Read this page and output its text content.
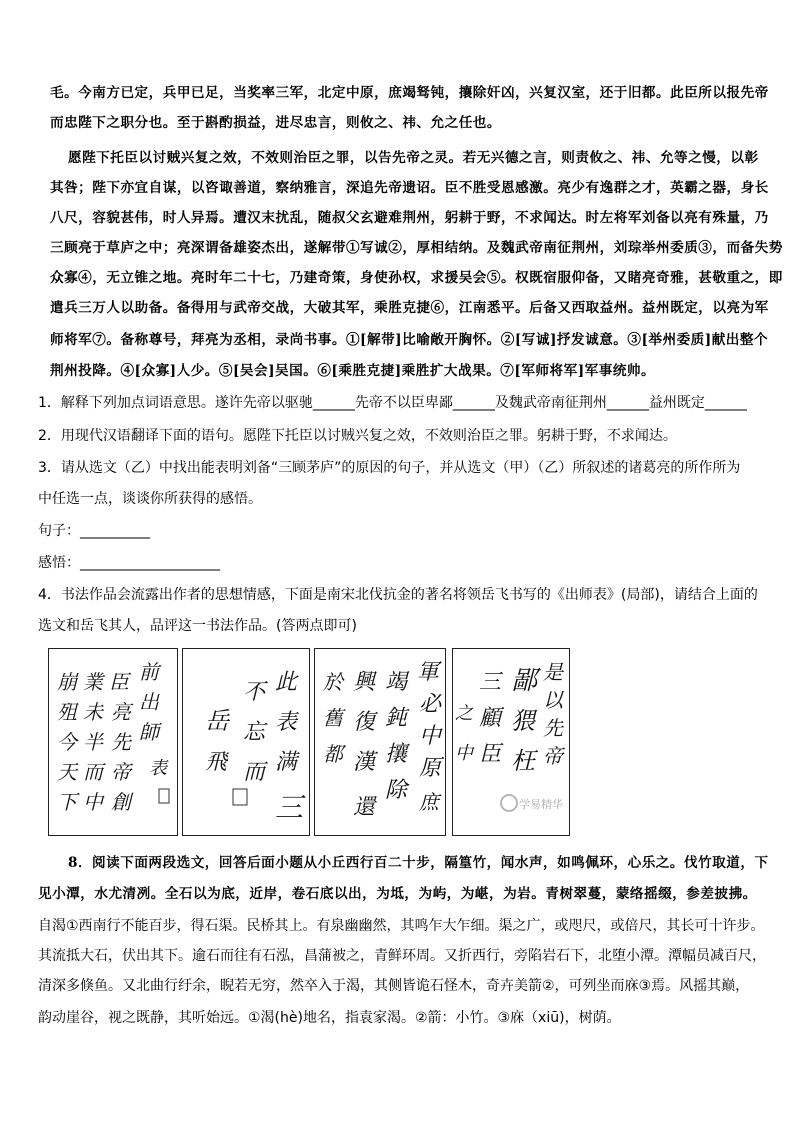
毛。今南方已定，兵甲已足，当奖率三军，北定中原，庶竭驽钝，攘除奸凶，兴复汉室，还于旧都。此臣所以报先帝
而忠陛下之职分也。至于斟酌损益，进尽忠言，则攸之、祎、允之任也。
愿陛下托臣以讨贼兴复之效，不效则治臣之罪，以告先帝之灵。若无兴德之言，则责攸之、祎、允等之慢，以彰
其咎；陛下亦宜自谋，以咨诹善道，察纳雅言，深追先帝遗诏。臣不胜受恩感激。亮少有逸群之才，英霸之器，身长
八尺，容貌甚伟，时人异焉。遭汉末扰乱，随叔父玄避难荆州，躬耕于野，不求闻达。时左将军刘备以亮有殊量，乃
三顾亮于草庐之中；亮深谓备雄姿杰出，遂解带①写诚②，厚相结纳。及魏武帝南征荆州，刘琮举州委质③，而备失势
众寡④，无立锥之地。亮时年二十七，乃建奇策，身使孙权，求援吴会⑤。权既宿服仰备，又睹亮奇雅，甚敬重之，即
遣兵三万人以助备。备得用与武帝交战，大破其军，乘胜克捷⑥，江南悉平。后备又西取益州。益州既定，以亮为军
师将军⑦。备称尊号，拜亮为丞相，录尚书事。①[解带]比喻敞开胸怀。②[写诚]抒发诚意。③[举州委质]献出整个
荆州投降。④[众寡]人少。⑤[吴会]吴国。⑥[乘胜克捷]乘胜扩大战果。⑦[军师将军]军事统帅。
1．解释下列加点词语意思。遂许先帝以驱驰______先帝不以臣卑鄙______及魏武帝南征荆州______益州既定______
2．用现代汉语翻译下面的语句。愿陛下托臣以讨贼兴复之效，不效则治臣之罪。躬耕于野，不求闻达。
3．请从选文（乙）中找出能表明刘备“三顾茅庐”的原因的句子，并从选文（甲）（乙）所叙述的诸葛亮的所作所为
中任选一点，谈谈你所获得的感悟。
句子：__________
感悟：____________________
4．书法作品会流露出作者的思想情感，下面是南宋北伐抗金的著名将领岳飞书写的《出师表》(局部)，请结合上面的
选文和岳飞其人，品评这一书法作品。(答两点即可)
前
出
師
表
臣
亮
先
帝
創
業
未
半
而
中
崩
殂
今
天
下
此
表
满
三
不
忘
而
岳
飛
軍
必
中
原
庶
竭
鈍
攘
除
興
復
漢
還
於
舊
都
是
以
先
帝
鄙
猥
枉
三
顧
臣
之
中
学易精华
8．阅读下面两段选文，回答后面小题从小丘西行百二十步，隔篁竹，闻水声，如鸣佩环，心乐之。伐竹取道，下
见小潭，水尤清冽。全石以为底，近岸，卷石底以出，为坻，为屿，为嵁，为岩。青树翠蔓，蒙络摇缀，参差披拂。
自渴①西南行不能百步，得石渠。民桥其上。有泉幽幽然，其鸣乍大乍细。渠之广，或咫尺，或倍尺，其长可十许步。
其流抵大石，伏出其下。逾石而往有石泓，昌蒲被之，青鲜环周。又折西行，旁陷岩石下，北堕小潭。潭幅员减百尺，
清深多倏鱼。又北曲行纡余，睨若无穷，然卒入于渴，其侧皆诡石怪木，奇卉美箭②，可列坐而庥③焉。风摇其巅，
韵动崖谷，视之既静，其听始远。①渴(hè)地名，指袁家渴。②箭：小竹。③庥（xiū)，树荫。
